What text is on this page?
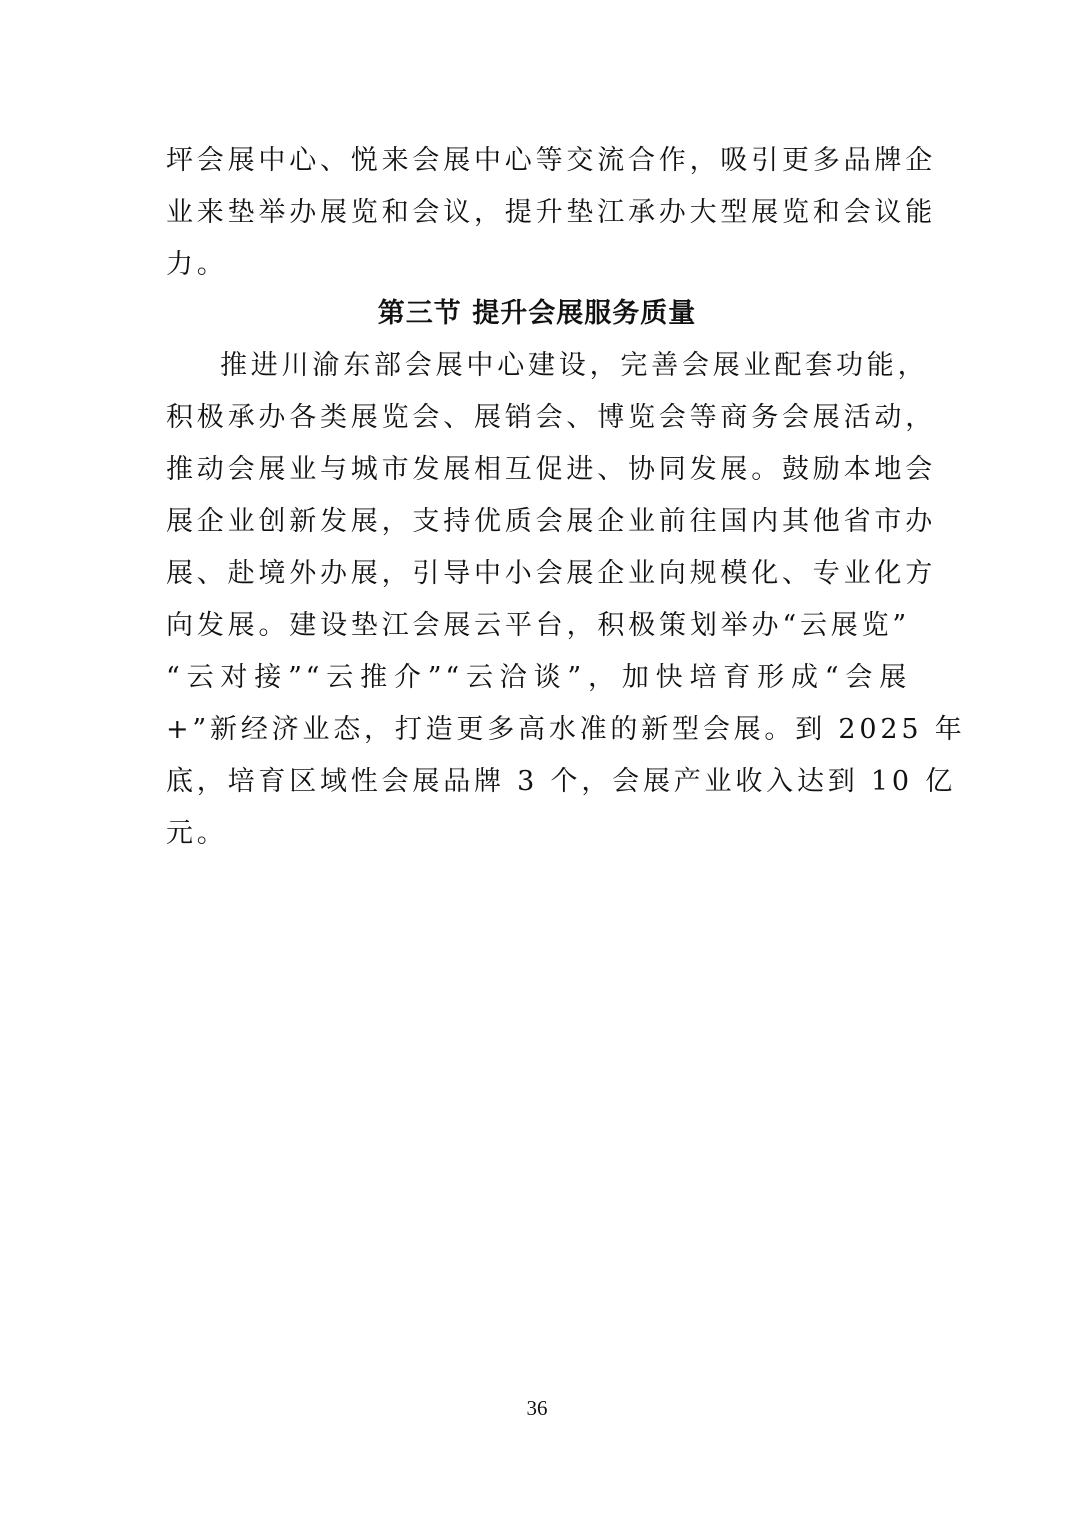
坪会展中心、悦来会展中心等交流合作，吸引更多品牌企
业来垫举办展览和会议，提升垫江承办大型展览和会议能
力。
第三节 提升会展服务质量
推进川渝东部会展中心建设，完善会展业配套功能，
积极承办各类展览会、展销会、博览会等商务会展活动，
推动会展业与城市发展相互促进、协同发展。鼓励本地会
展企业创新发展，支持优质会展企业前往国内其他省市办
展、赴境外办展，引导中小会展企业向规模化、专业化方
向发展。建设垫江会展云平台，积极策划举办“云展览”
“云对接”“云推介”“云洽谈”，加快培育形成“会展
+”新经济业态，打造更多高水准的新型会展。到 2025 年
底，培育区域性会展品牌 3 个，会展产业收入达到 10 亿
元。
36
